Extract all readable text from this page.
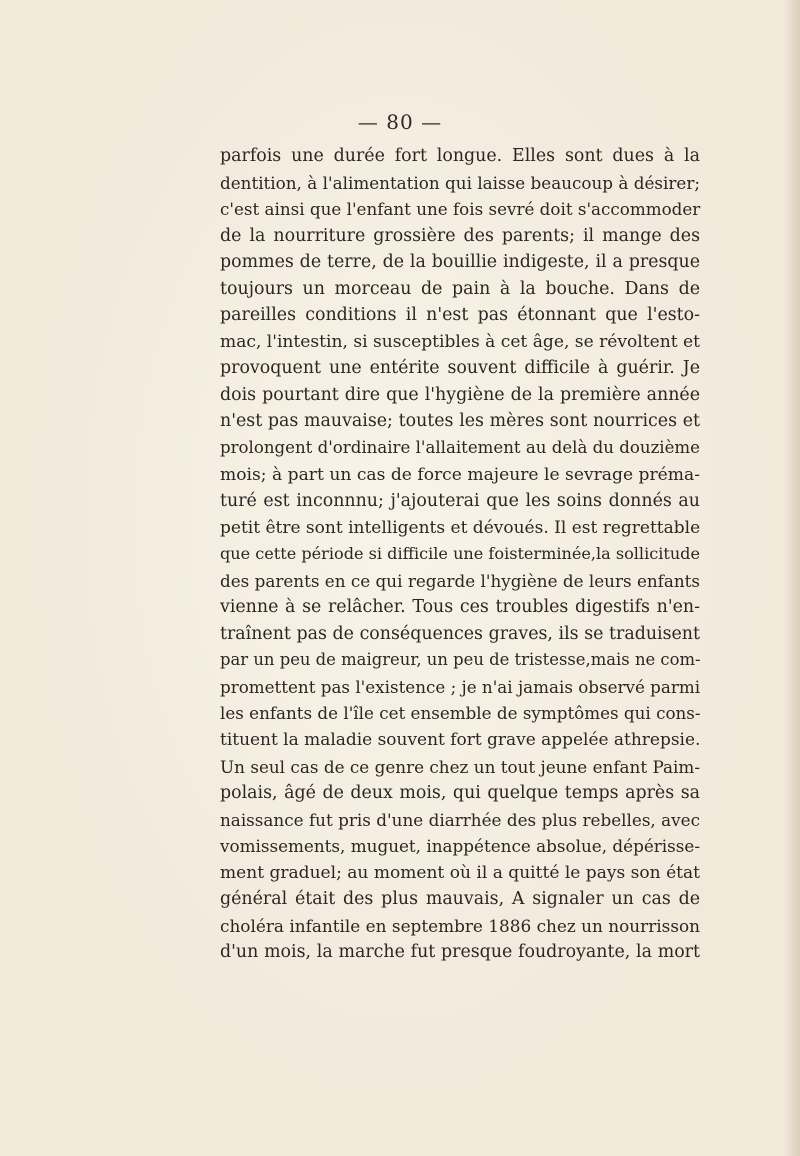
— 80 —
parfois une durée fort longue. Elles sont dues à la
dentition, à l'alimentation qui laisse beaucoup à désirer;
c'est ainsi que l'enfant une fois sevré doit s'accommoder
de la nourriture grossière des parents; il mange des
pommes de terre, de la bouillie indigeste, il a presque
toujours un morceau de pain à la bouche. Dans de
pareilles conditions il n'est pas étonnant que l'esto-
mac, l'intestin, si susceptibles à cet âge, se révoltent et
provoquent une entérite souvent difficile à guérir. Je
dois pourtant dire que l'hygiène de la première année
n'est pas mauvaise; toutes les mères sont nourrices et
prolongent d'ordinaire l'allaitement au delà du douzième
mois; à part un cas de force majeure le sevrage préma-
turé est inconnnu; j'ajouterai que les soins donnés au
petit être sont intelligents et dévoués. Il est regrettable
que cette période si difficile une foisterminée,la sollicitude
des parents en ce qui regarde l'hygiène de leurs enfants
vienne à se relâcher. Tous ces troubles digestifs n'en-
traînent pas de conséquences graves, ils se traduisent
par un peu de maigreur, un peu de tristesse,mais ne com-
promettent pas l'existence ; je n'ai jamais observé parmi
les enfants de l'île cet ensemble de symptômes qui cons-
tituent la maladie souvent fort grave appelée athrepsie.
Un seul cas de ce genre chez un tout jeune enfant Paim-
polais, âgé de deux mois, qui quelque temps après sa
naissance fut pris d'une diarrhée des plus rebelles, avec
vomissements, muguet, inappétence absolue, dépérisse-
ment graduel; au moment où il a quitté le pays son état
général était des plus mauvais, A signaler un cas de
choléra infantile en septembre 1886 chez un nourrisson
d'un mois, la marche fut presque foudroyante, la mort
